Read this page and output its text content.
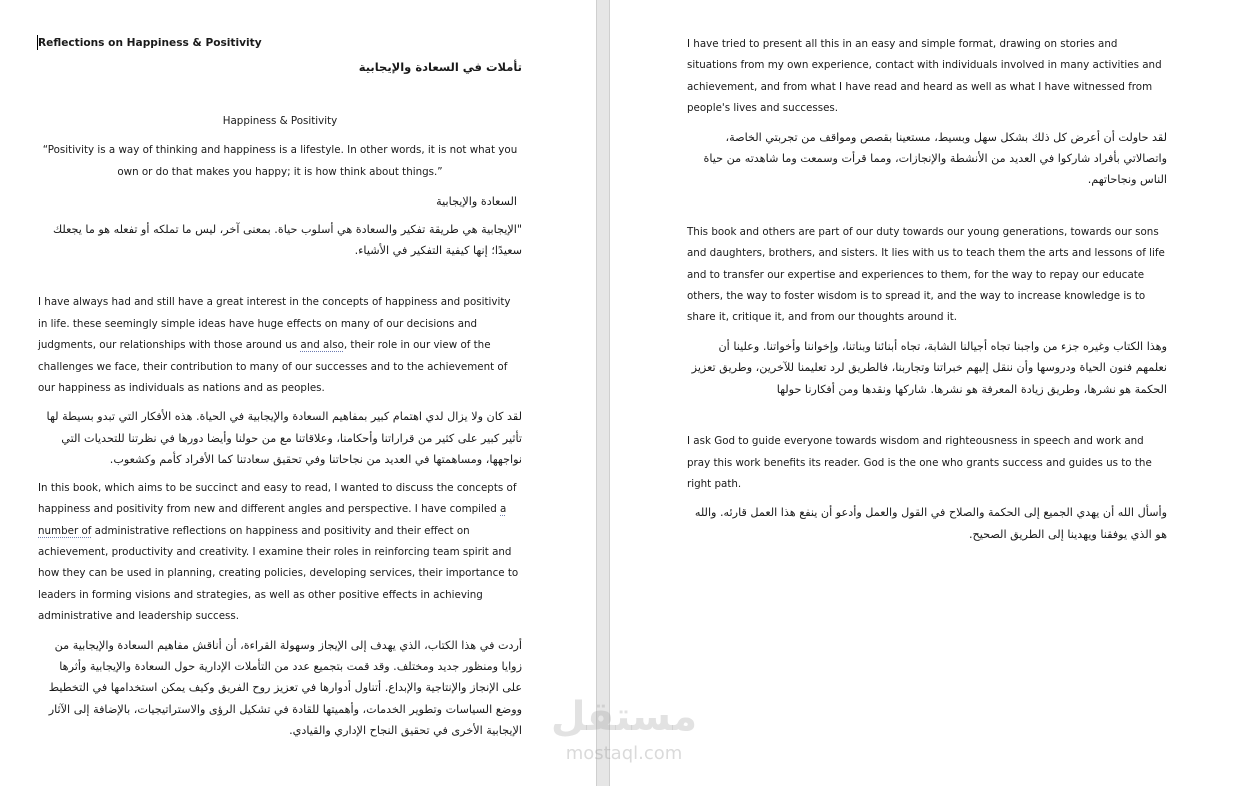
Reflections on Happiness & Positivity

تأملات في السعادة والإيجابية

Happiness & Positivity

“Positivity is a way of thinking and happiness is a lifestyle. In other words, it is not what you own or do that makes you happy; it is how think about things.”

السعادة والإيجابية

"الإيجابية هي طريقة تفكير والسعادة هي أسلوب حياة. بمعنى آخر، ليس ما تملكه أو تفعله هو ما يجعلك سعيدًا؛ إنها كيفية التفكير في الأشياء.

I have always had and still have a great interest in the concepts of happiness and positivity in life. these seemingly simple ideas have huge effects on many of our decisions and judgments, our relationships with those around us and also, their role in our view of the challenges we face, their contribution to many of our successes and to the achievement of our happiness as individuals as nations and as peoples.

لقد كان ولا يزال لدي اهتمام كبير بمفاهيم السعادة والإيجابية في الحياة. هذه الأفكار التي تبدو بسيطة لها تأثير كبير على كثير من قراراتنا وأحكامنا، وعلاقاتنا مع من حولنا وأيضا دورها في نظرتنا للتحديات التي نواجهها، ومساهمتها في العديد من نجاحاتنا وفي تحقيق سعادتنا كما الأفراد كأمم وكشعوب.

In this book, which aims to be succinct and easy to read, I wanted to discuss the concepts of happiness and positivity from new and different angles and perspective. I have compiled a number of administrative reflections on happiness and positivity and their effect on achievement, productivity and creativity. I examine their roles in reinforcing team spirit and how they can be used in planning, creating policies, developing services, their importance to leaders in forming visions and strategies, as well as other positive effects in achieving administrative and leadership success.

أردت في هذا الكتاب، الذي يهدف إلى الإيجاز وسهولة القراءة، أن أناقش مفاهيم السعادة والإيجابية من زوايا ومنظور جديد ومختلف. وقد قمت بتجميع عدد من التأملات الإدارية حول السعادة والإيجابية وأثرها على الإنجاز والإنتاجية والإبداع. أتناول أدوارها في تعزيز روح الفريق وكيف يمكن استخدامها في التخطيط ووضع السياسات وتطوير الخدمات، وأهميتها للقادة في تشكيل الرؤى والاستراتيجيات، بالإضافة إلى الآثار الإيجابية الأخرى في تحقيق النجاح الإداري والقيادي.

I have tried to present all this in an easy and simple format, drawing on stories and situations from my own experience, contact with individuals involved in many activities and achievement, and from what I have read and heard as well as what I have witnessed from people's lives and successes.

لقد حاولت أن أعرض كل ذلك بشكل سهل وبسيط، مستعينا بقصص ومواقف من تجربتي الخاصة، واتصالاتي بأفراد شاركوا في العديد من الأنشطة والإنجازات، ومما قرأت وسمعت وما شاهدته من حياة الناس ونجاحاتهم.

This book and others are part of our duty towards our young generations, towards our sons and daughters, brothers, and sisters. It lies with us to teach them the arts and lessons of life and to transfer our expertise and experiences to them, for the way to repay our educate others, the way to foster wisdom is to spread it, and the way to increase knowledge is to share it, critique it, and from our thoughts around it.

وهذا الكتاب وغيره جزء من واجبنا تجاه أجيالنا الشابة، تجاه أبنائنا وبناتنا، وإخواننا وأخواتنا. وعلينا أن نعلمهم فنون الحياة ودروسها وأن ننقل إليهم خبراتنا وتجاربنا، فالطريق لرد تعليمنا للآخرين، وطريق تعزيز الحكمة هو نشرها، وطريق زيادة المعرفة هو نشرها. شاركها ونقدها ومن أفكارنا حولها

I ask God to guide everyone towards wisdom and righteousness in speech and work and pray this work benefits its reader. God is the one who grants success and guides us to the right path.

وأسأل الله أن يهدي الجميع إلى الحكمة والصلاح في القول والعمل وأدعو أن ينفع هذا العمل قارئه. والله هو الذي يوفقنا ويهدينا إلى الطريق الصحيح.

مستقل
mostaql.com
